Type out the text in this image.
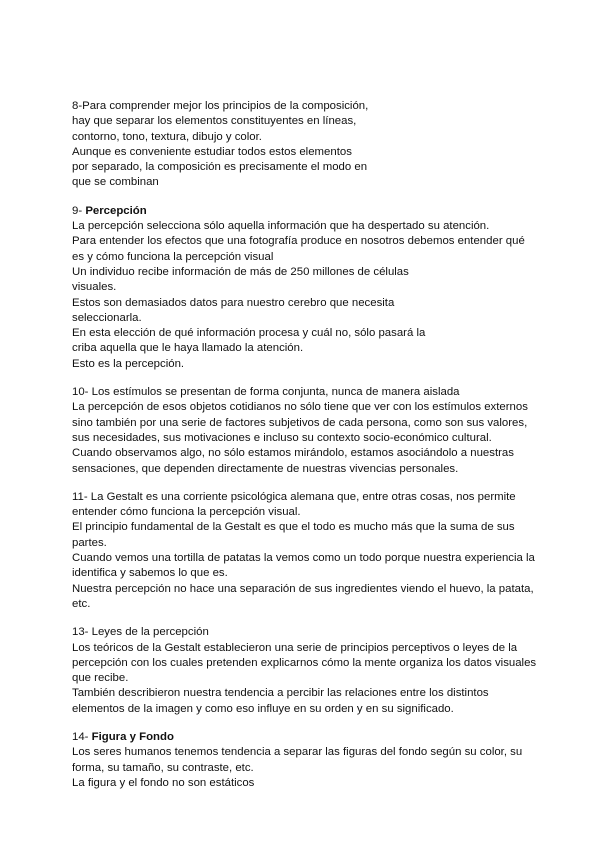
8-Para comprender mejor los principios de la composición,
hay que separar los elementos constituyentes en líneas,
contorno, tono, textura, dibujo y color.
Aunque es conveniente estudiar todos estos elementos
por separado, la composición es precisamente el modo en
que se combinan
9- Percepción
La percepción selecciona sólo aquella información que ha despertado su atención.
Para entender los efectos que una fotografía produce en nosotros debemos entender qué
es y cómo funciona la percepción visual
Un individuo recibe información de más de 250 millones de células
visuales.
Estos son demasiados datos para nuestro cerebro que necesita
seleccionarla.
En esta elección de qué información procesa y cuál no, sólo pasará la
criba aquella que le haya llamado la atención.
Esto es la percepción.
10- Los estímulos se presentan de forma conjunta, nunca de manera aislada
La percepción de esos objetos cotidianos no sólo tiene que ver con los estímulos externos
sino también por una serie de factores subjetivos de cada persona, como son sus valores,
sus necesidades, sus motivaciones e incluso su contexto socio-económico cultural.
Cuando observamos algo, no sólo estamos mirándolo, estamos asociándolo a nuestras
sensaciones, que dependen directamente de nuestras vivencias personales.
11- La Gestalt es una corriente psicológica alemana que, entre otras cosas, nos permite
entender cómo funciona la percepción visual.
El principio fundamental de la Gestalt es que el todo es mucho más que la suma de sus
partes.
Cuando vemos una tortilla de patatas la vemos como un todo porque nuestra experiencia la
identifica y sabemos lo que es.
Nuestra percepción no hace una separación de sus ingredientes viendo el huevo, la patata,
etc.
13- Leyes de la percepción
Los teóricos de la Gestalt establecieron una serie de principios perceptivos o leyes de la
percepción con los cuales pretenden explicarnos cómo la mente organiza los datos visuales
que recibe.
También describieron nuestra tendencia a percibir las relaciones entre los distintos
elementos de la imagen y como eso influye en su orden y en su significado.
14- Figura y Fondo
Los seres humanos tenemos tendencia a separar las figuras del fondo según su color, su
forma, su tamaño, su contraste, etc.
La figura y el fondo no son estáticos
